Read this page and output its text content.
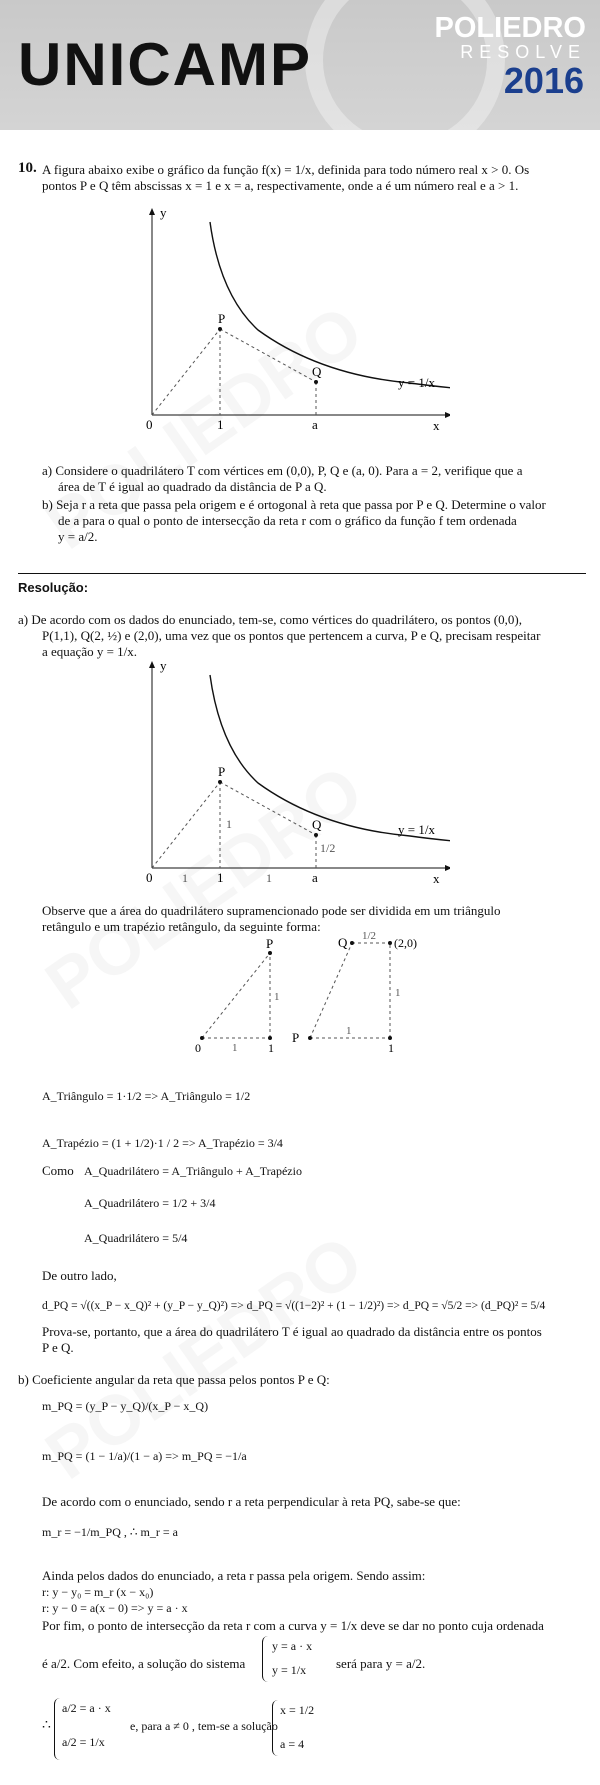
UNICAMP
POLIEDRO
RESOLVE
2016
10. A figura abaixo exibe o gráfico da função f(x) = 1/x, definida para todo número real x > 0. Os
pontos P e Q têm abscissas x = 1 e x = a, respectivamente, onde a é um número real e a > 1.
y
x
P
Q
0	1	a
y = 1/x
a) Considere o quadrilátero T com vértices em (0,0), P, Q e (a, 0). Para a = 2, verifique que a
área de T é igual ao quadrado da distância de P a Q.
b) Seja r a reta que passa pela origem e é ortogonal à reta que passa por P e Q. Determine o valor
de a para o qual o ponto de intersecção da reta r com o gráfico da função f tem ordenada
y = a/2.
Resolução:
a) De acordo com os dados do enunciado, tem-se, como vértices do quadrilátero, os pontos (0,0),
P(1,1), Q(2, ½) e (2,0), uma vez que os pontos que pertencem a curva, P e Q, precisam respeitar
a equação y = 1/x.
y
x
P
Q
0	1	a
y = 1/x
1
1/2
1	1
Observe que a área do quadrilátero supramencionado pode ser dividida em um triângulo
retângulo e um trapézio retângulo, da seguinte forma:
P
0	1
1
1
Q	(2,0)
1/2
1
1
P
1
A_Triângulo = 1·1/2 => A_Triângulo = 1/2
A_Trapézio = (1 + 1/2)·1 / 2 => A_Trapézio = 3/4
Como A_Quadrilátero = A_Triângulo + A_Trapézio
A_Quadrilátero = 1/2 + 3/4
A_Quadrilátero = 5/4
De outro lado,
d_PQ = √((x_P − x_Q)² + (y_P − y_Q)²) => d_PQ = √((1−2)² + (1 − 1/2)²) => d_PQ = √5/2 => (d_PQ)² = 5/4
Prova-se, portanto, que a área do quadrilátero T é igual ao quadrado da distância entre os pontos
P e Q.
b) Coeficiente angular da reta que passa pelos pontos P e Q:
m_PQ = (y_P − y_Q)/(x_P − x_Q)
m_PQ = (1 − 1/a)/(1 − a) => m_PQ = −1/a
De acordo com o enunciado, sendo r a reta perpendicular à reta PQ, sabe-se que:
m_r = −1/m_PQ , ∴ m_r = a
Ainda pelos dados do enunciado, a reta r passa pela origem. Sendo assim:
r: y − y₀ = m_r (x − x₀)
r: y − 0 = a(x − 0) => y = a · x
Por fim, o ponto de intersecção da reta r com a curva y = 1/x deve se dar no ponto cuja ordenada
é a/2. Com efeito, a solução do sistema
y = a · x
y = 1/x será para y = a/2.
∴
a/2 = a · x
a/2 = 1/x
e, para a ≠ 0 , tem-se a solução
x = 1/2
a = 4
